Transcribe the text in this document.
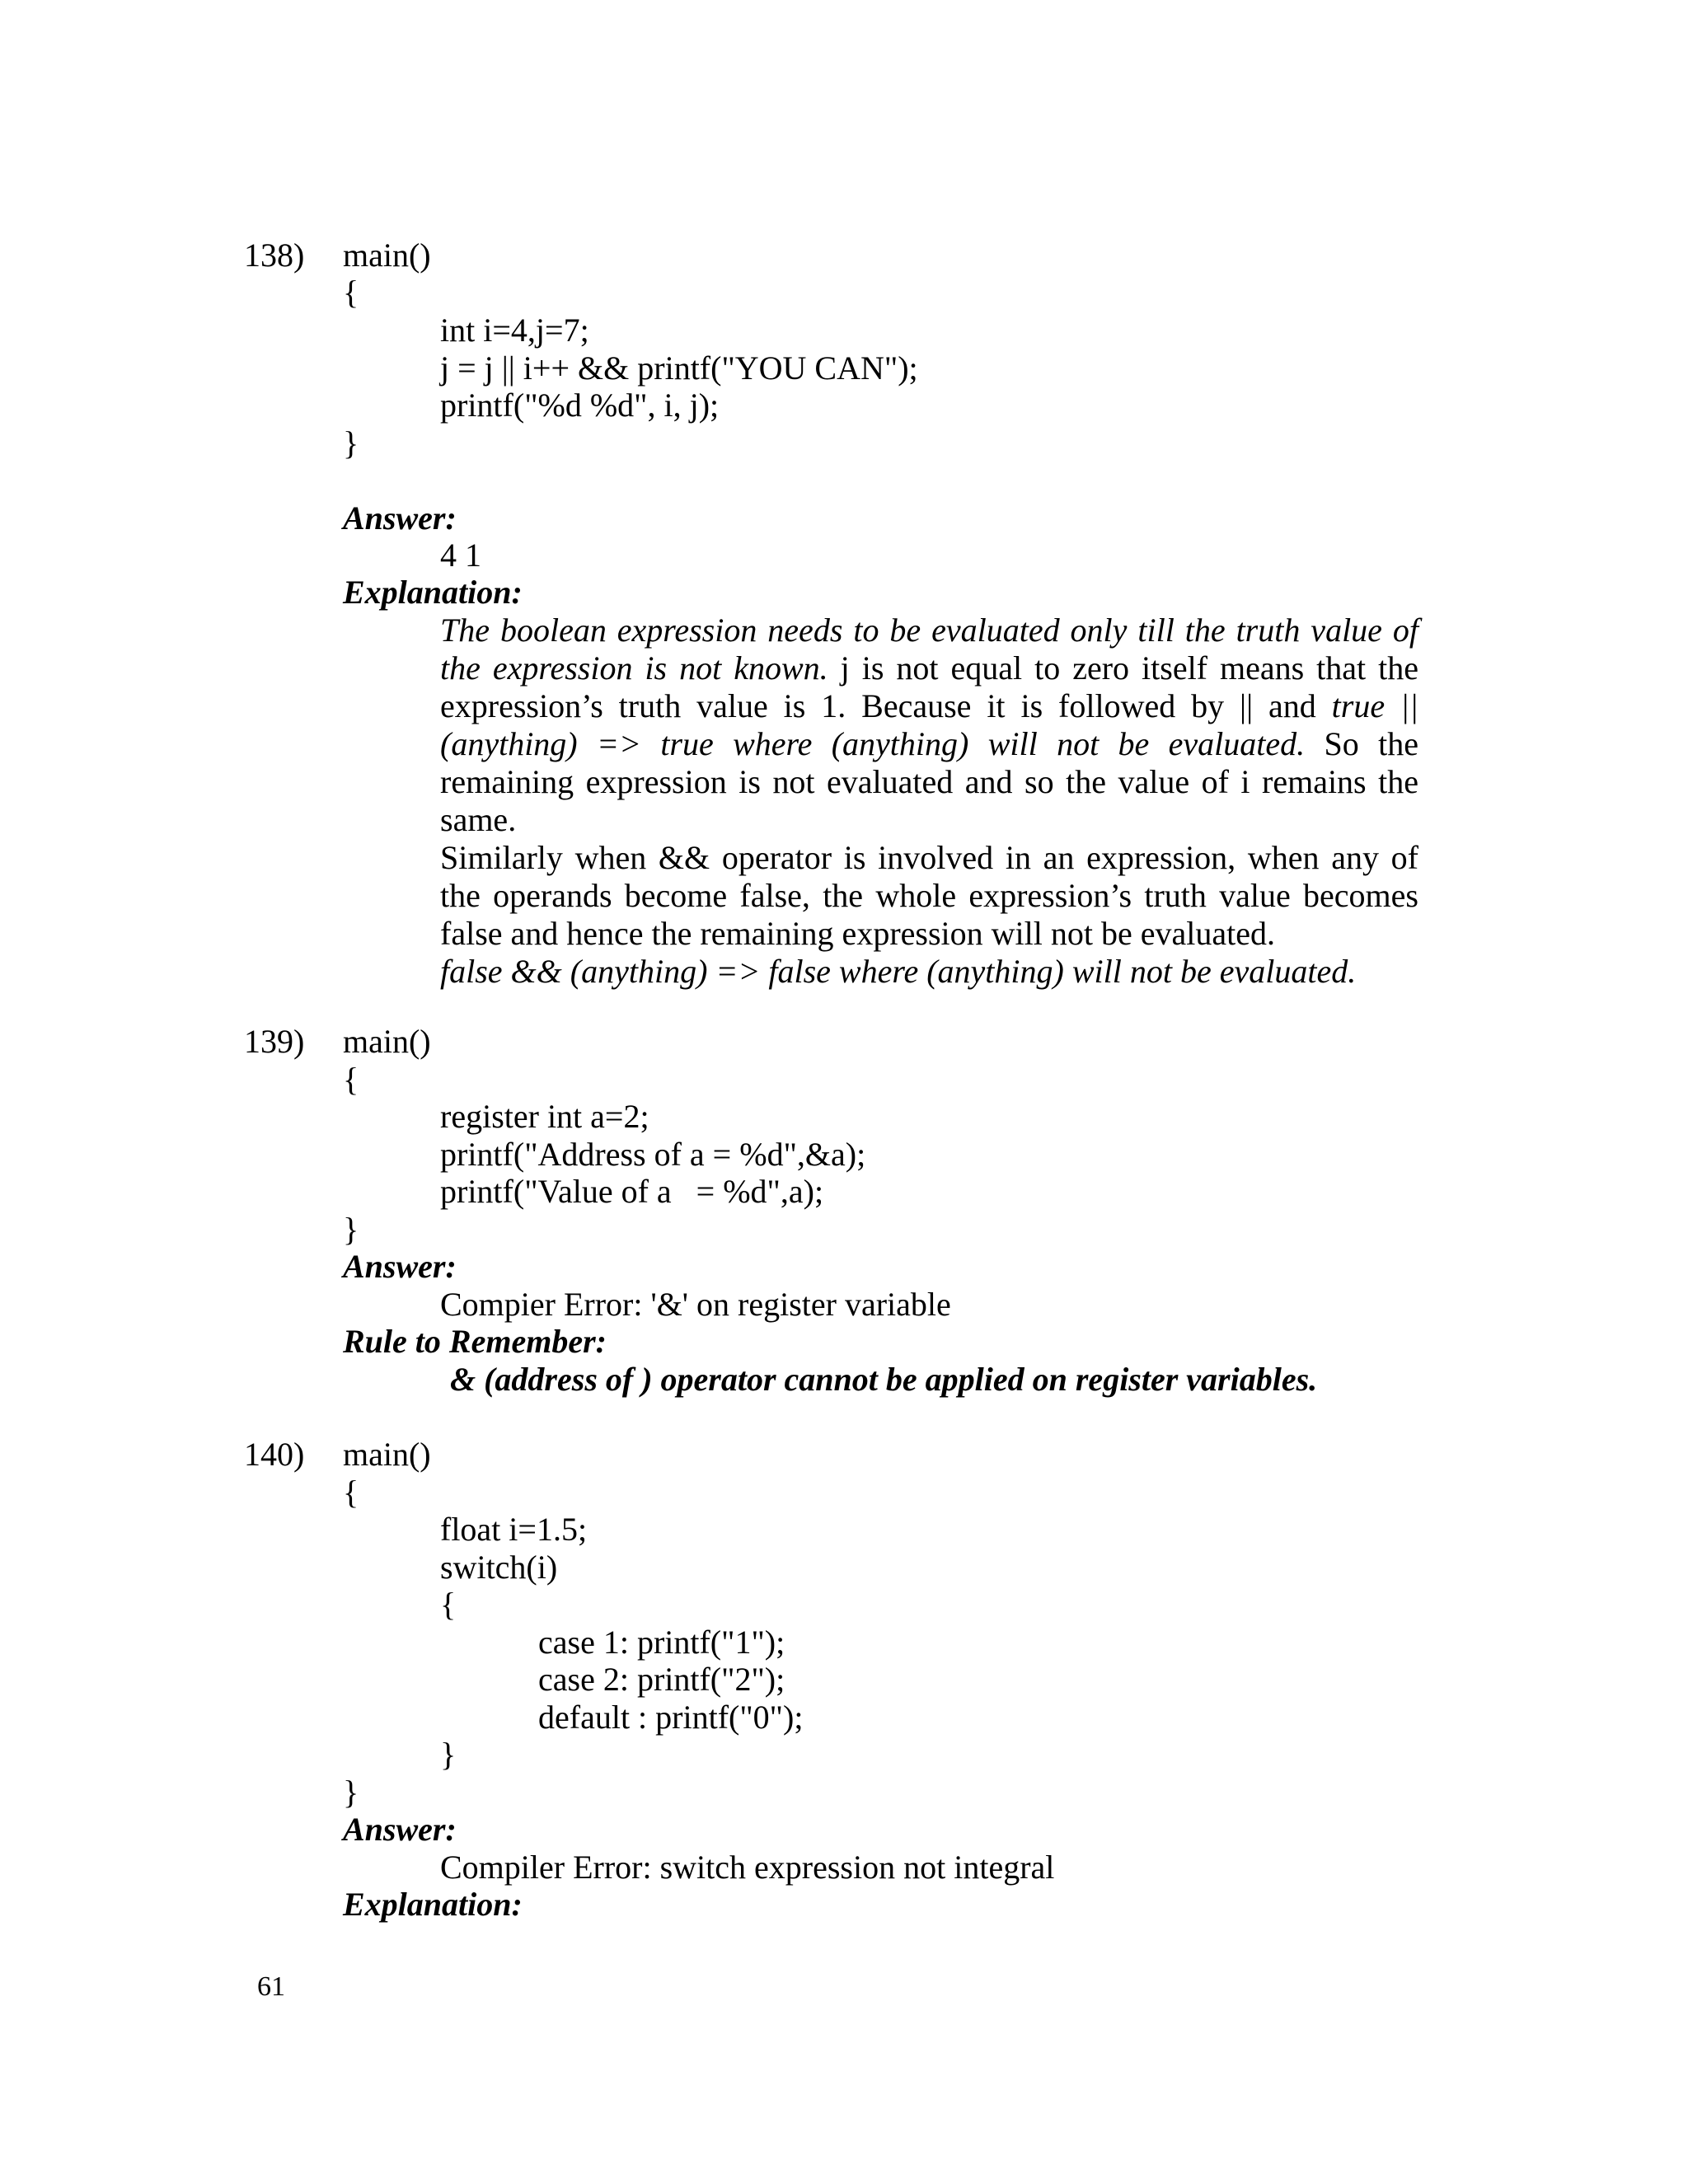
138) main()
{
int i=4,j=7;
j = j || i++ && printf("YOU CAN");
printf("%d %d", i, j);
}
Answer:
4 1
Explanation:

The boolean expression needs to be evaluated only till the truth value of the expression is not known. j is not equal to zero itself means that the expression’s truth value is 1. Because it is followed by || and true || (anything) => true where (anything) will not be evaluated. So the remaining expression is not evaluated and so the value of i remains the same.

Similarly when && operator is involved in an expression, when any of the operands become false, the whole expression’s truth value becomes false and hence the remaining expression will not be evaluated.

false && (anything) => false where (anything) will not be evaluated.

139) main()
{
register int a=2;
printf("Address of a = %d",&a);
printf("Value of a   = %d",a);
}
Answer:
Compier Error: '&' on register variable
Rule to Remember:
& (address of ) operator cannot be applied on register variables.
140) main()
{
float i=1.5;
switch(i)
{
case 1: printf("1");
case 2: printf("2");
default : printf("0");
}
}
Answer:
Compiler Error: switch expression not integral
Explanation:
61
